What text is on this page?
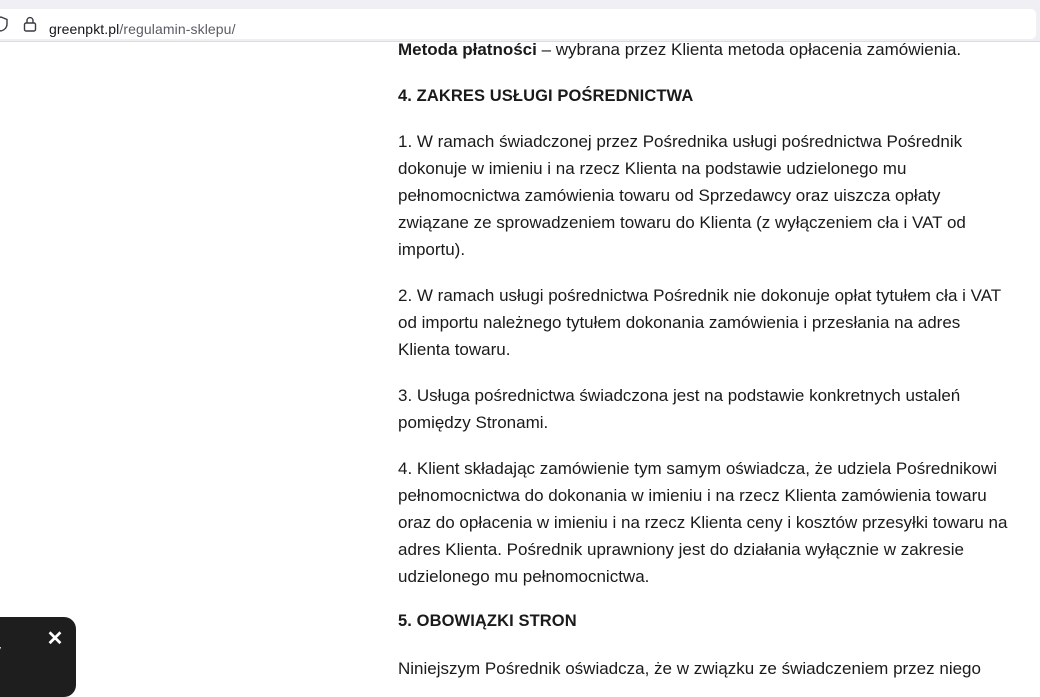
greenpkt.pl/regulamin-sklepu/

Metoda płatności – wybrana przez Klienta metoda opłacenia zamówienia.

4. ZAKRES USŁUGI POŚREDNICTWA

1. W ramach świadczonej przez Pośrednika usługi pośrednictwa Pośrednik dokonuje w imieniu i na rzecz Klienta na podstawie udzielonego mu pełnomocnictwa zamówienia towaru od Sprzedawcy oraz uiszcza opłaty związane ze sprowadzeniem towaru do Klienta (z wyłączeniem cła i VAT od importu).

2. W ramach usługi pośrednictwa Pośrednik nie dokonuje opłat tytułem cła i VAT od importu należnego tytułem dokonania zamówienia i przesłania na adres Klienta towaru.

3. Usługa pośrednictwa świadczona jest na podstawie konkretnych ustaleń pomiędzy Stronami.

4. Klient składając zamówienie tym samym oświadcza, że udziela Pośrednikowi pełnomocnictwa do dokonania w imieniu i na rzecz Klienta zamówienia towaru oraz do opłacenia w imieniu i na rzecz Klienta ceny i kosztów przesyłki towaru na adres Klienta. Pośrednik uprawniony jest do działania wyłącznie w zakresie udzielonego mu pełnomocnictwa.

5. OBOWIĄZKI STRON

Niniejszym Pośrednik oświadcza, że w związku ze świadczeniem przez niego

✕
